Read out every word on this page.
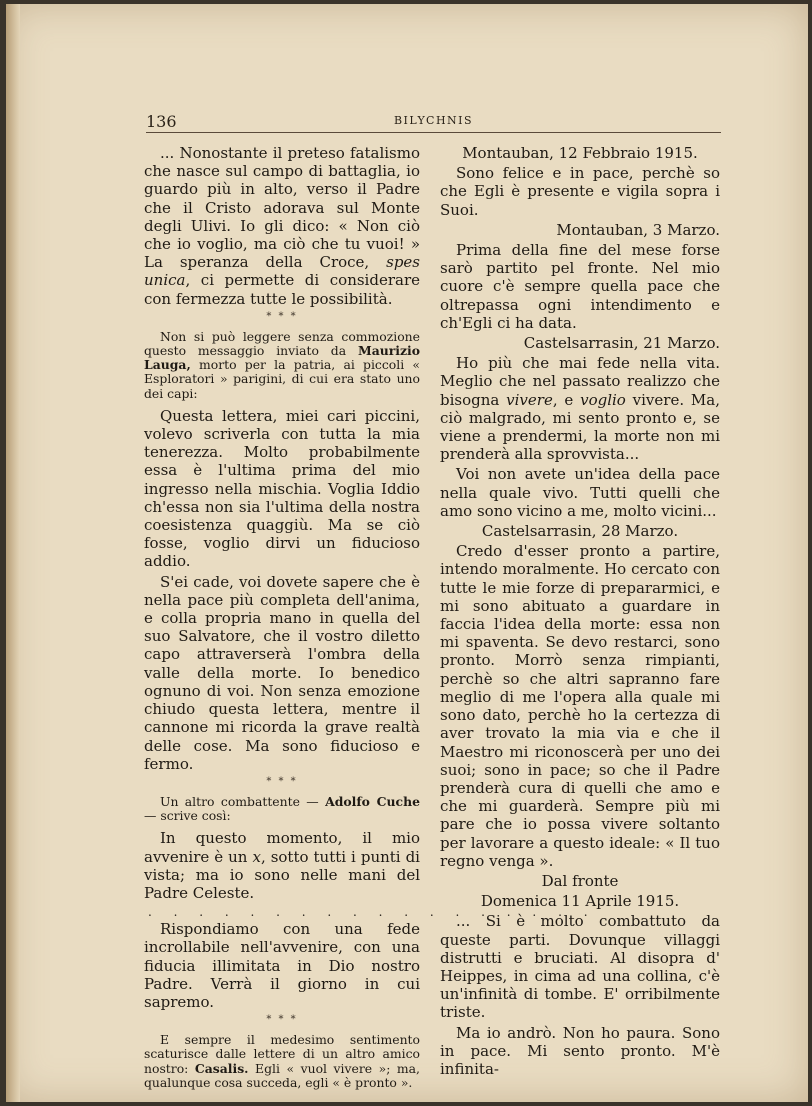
136	BILYCHNIS

... Nonostante il preteso fatalismo che nasce sul campo di battaglia, io guardo più in alto, verso il Padre che il Cristo adorava sul Monte degli Ulivi. Io gli dico: « Non ciò che io voglio, ma ciò che tu vuoi! » La speranza della Croce, spes unica, ci permette di considerare con fermezza tutte le possibilità.

* * *

Non si può leggere senza commozione questo messaggio inviato da Maurizio Lauga, morto per la patria, ai piccoli « Esploratori » parigini, di cui era stato uno dei capi:

Questa lettera, miei cari piccini, volevo scriverla con tutta la mia tenerezza. Molto probabilmente essa è l'ultima prima del mio ingresso nella mischia. Voglia Iddio ch'essa non sia l'ultima della nostra coesistenza quaggiù. Ma se ciò fosse, voglio dirvi un fiducioso addio.

S'ei cade, voi dovete sapere che è nella pace più completa dell'anima, e colla propria mano in quella del suo Salvatore, che il vostro diletto capo attraverserà l'ombra della valle della morte. Io benedico ognuno di voi. Non senza emozione chiudo questa lettera, mentre il cannone mi ricorda la grave realtà delle cose. Ma sono fiducioso e fermo.

* * *

Un altro combattente — Adolfo Cuche — scrive così:

In questo momento, il mio avvenire è un x, sotto tutti i punti di vista; ma io sono nelle mani del Padre Celeste.

. . . . . . . . . . . . . . . . . .

Rispondiamo con una fede incrollabile nell'avvenire, con una fiducia illimitata in Dio nostro Padre. Verrà il giorno in cui sapremo.

* * *

E sempre il medesimo sentimento scaturisce dalle lettere di un altro amico nostro: Casalis. Egli « vuol vivere »; ma, qualunque cosa succeda, egli « è pronto ».

Montauban, 12 Febbraio 1915.

Sono felice e in pace, perchè so che Egli è presente e vigila sopra i Suoi.

Montauban, 3 Marzo.

Prima della fine del mese forse sarò partito pel fronte. Nel mio cuore c'è sempre quella pace che oltrepassa ogni intendimento e ch'Egli ci ha data.

Castelsarrasin, 21 Marzo.

Ho più che mai fede nella vita. Meglio che nel passato realizzo che bisogna vivere, e voglio vivere. Ma, ciò malgrado, mi sento pronto e, se viene a prendermi, la morte non mi prenderà alla sprovvista...

Voi non avete un'idea della pace nella quale vivo. Tutti quelli che amo sono vicino a me, molto vicini...

Castelsarrasin, 28 Marzo.

Credo d'esser pronto a partire, intendo moralmente. Ho cercato con tutte le mie forze di prepararmici, e mi sono abituato a guardare in faccia l'idea della morte: essa non mi spaventa. Se devo restarci, sono pronto. Morrò senza rimpianti, perchè so che altri sapranno fare meglio di me l'opera alla quale mi sono dato, perchè ho la certezza di aver trovato la mia via e che il Maestro mi riconoscerà per uno dei suoi; sono in pace; so che il Padre prenderà cura di quelli che amo e che mi guarderà. Sempre più mi pare che io possa vivere soltanto per lavorare a questo ideale: « Il tuo regno venga ».

Dal fronte
Domenica 11 Aprile 1915.

... Si è molto combattuto da queste parti. Dovunque villaggi distrutti e bruciati. Al disopra d' Heippes, in cima ad una collina, c'è un'infinità di tombe. E' orribilmente triste.

Ma io andrò. Non ho paura. Sono in pace. Mi sento pronto. M'è infinita-
